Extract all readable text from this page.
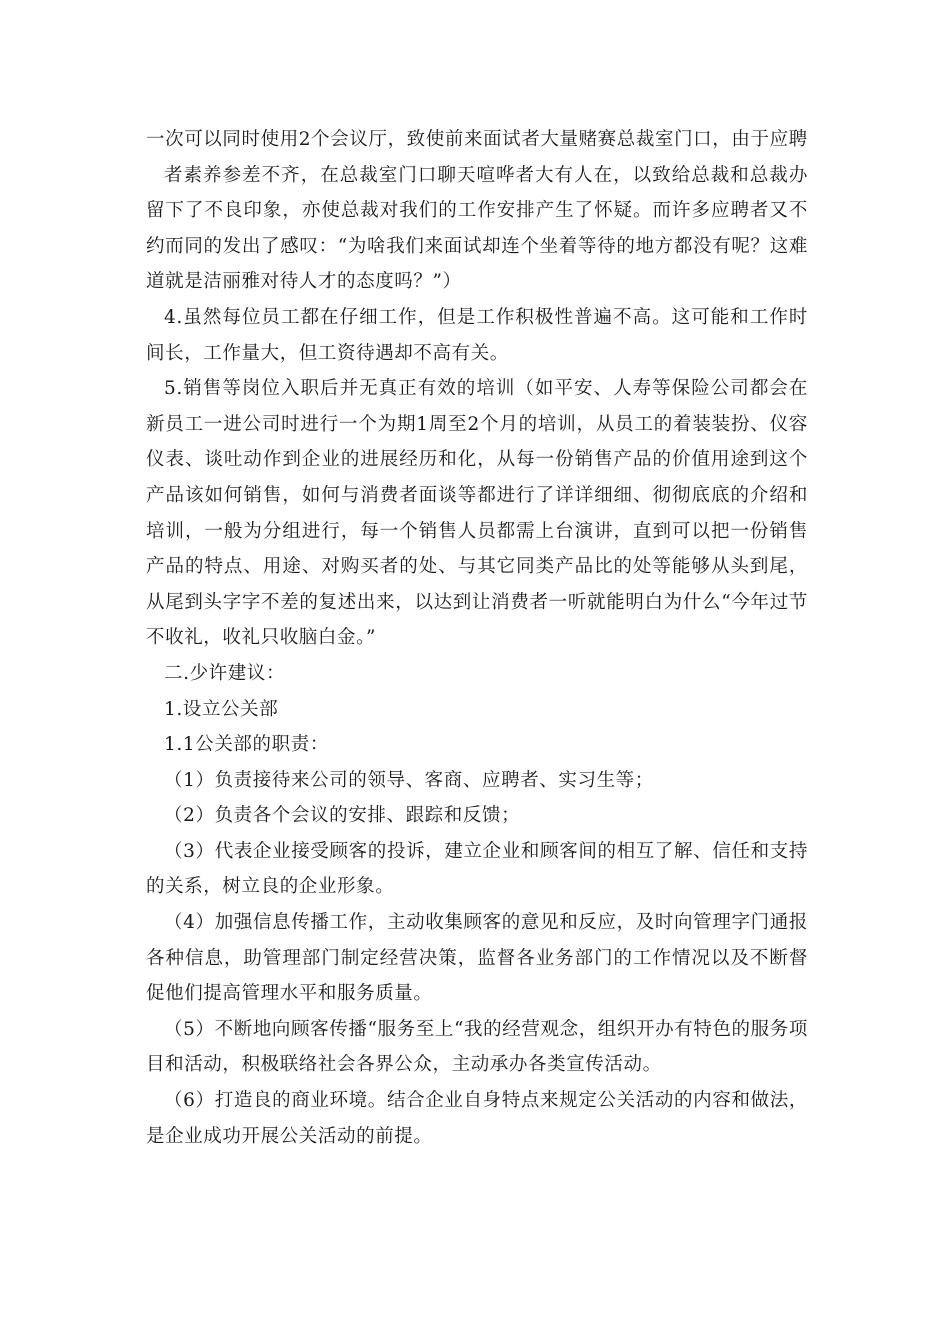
一次可以同时使用2个会议厅，致使前来面试者大量赌赛总裁室门口，由于应聘

者素养参差不齐，在总裁室门口聊天喧哗者大有人在，以致给总裁和总裁办留下了不良印象，亦使总裁对我们的工作安排产生了怀疑。而许多应聘者又不约而同的发出了感叹：“为啥我们来面试却连个坐着等待的地方都没有呢？这难道就是洁丽雅对待人才的态度吗？”）

4.虽然每位员工都在仔细工作，但是工作积极性普遍不高。这可能和工作时间长，工作量大，但工资待遇却不高有关。

5.销售等岗位入职后并无真正有效的培训（如平安、人寿等保险公司都会在新员工一进公司时进行一个为期1周至2个月的培训，从员工的着装装扮、仪容仪表、谈吐动作到企业的进展经历和化，从每一份销售产品的价值用途到这个产品该如何销售，如何与消费者面谈等都进行了详详细细、彻彻底底的介绍和培训，一般为分组进行，每一个销售人员都需上台演讲，直到可以把一份销售产品的特点、用途、对购买者的处、与其它同类产品比的处等能够从头到尾，从尾到头字字不差的复述出来，以达到让消费者一听就能明白为什么“今年过节不收礼，收礼只收脑白金。”

二.少许建议：

1.设立公关部

1.1公关部的职责：

（1）负责接待来公司的领导、客商、应聘者、实习生等；

（2）负责各个会议的安排、跟踪和反馈；

（3）代表企业接受顾客的投诉，建立企业和顾客间的相互了解、信任和支持的关系，树立良的企业形象。

（4）加强信息传播工作，主动收集顾客的意见和反应，及时向管理字门通报各种信息，助管理部门制定经营决策，监督各业务部门的工作情况以及不断督促他们提高管理水平和服务质量。

（5）不断地向顾客传播“服务至上“我的经营观念，组织开办有特色的服务项目和活动，积极联络社会各界公众，主动承办各类宣传活动。

（6）打造良的商业环境。结合企业自身特点来规定公关活动的内容和做法，是企业成功开展公关活动的前提。
